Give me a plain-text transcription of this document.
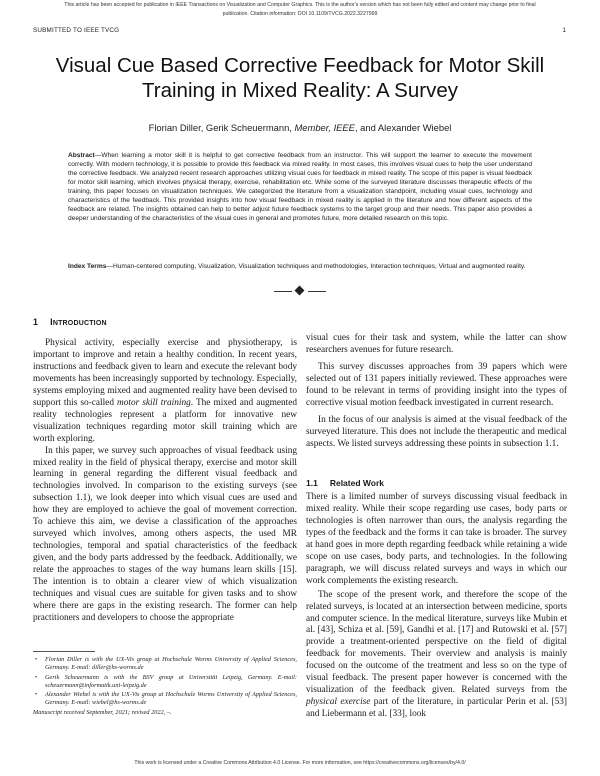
This article has been accepted for publication in IEEE Transactions on Visualization and Computer Graphics. This is the author's version which has not been fully edited and content may change prior to final publication. Citation information: DOI 10.1109/TVCG.2022.3227999
SUBMITTED TO IEEE TVCG	1
Visual Cue Based Corrective Feedback for Motor Skill Training in Mixed Reality: A Survey
Florian Diller, Gerik Scheuermann, Member, IEEE, and Alexander Wiebel
Abstract—When learning a motor skill it is helpful to get corrective feedback from an instructor. This will support the learner to execute the movement correctly. With modern technology, it is possible to provide this feedback via mixed reality. In most cases, this involves visual cues to help the user understand the corrective feedback. We analyzed recent research approaches utilizing visual cues for feedback in mixed reality. The scope of this paper is visual feedback for motor skill learning, which involves physical therapy, exercise, rehabilitation etc. While some of the surveyed literature discusses therapeutic effects of the training, this paper focuses on visualization techniques. We categorized the literature from a visualization standpoint, including visual cues, technology and characteristics of the feedback. This provided insights into how visual feedback in mixed reality is applied in the literature and how different aspects of the feedback are related. The insights obtained can help to better adjust future feedback systems to the target group and their needs. This paper also provides a deeper understanding of the characteristics of the visual cues in general and promotes future, more detailed research on this topic.
Index Terms—Human-centered computing, Visualization, Visualization techniques and methodologies, Interaction techniques, Virtual and augmented reality.
1 INTRODUCTION

Physical activity, especially exercise and physiotherapy, is important to improve and retain a healthy condition. In recent years, instructions and feedback given to learn and execute the relevant body movements has been increasingly supported by technology. Especially, systems employing mixed and augmented reality have been devised to support this so-called motor skill training. The mixed and augmented reality technologies represent a platform for innovative new visualization techniques regarding motor skill training which are worth exploring.

In this paper, we survey such approaches of visual feedback using mixed reality in the field of physical therapy, exercise and motor skill learning in general regarding the different visual feedback and technologies involved. In comparison to the existing surveys (see subsection 1.1), we look deeper into which visual cues are used and how they are employed to achieve the goal of movement correction. To achieve this aim, we devise a classification of the approaches surveyed which involves, among others aspects, the used MR technologies, temporal and spatial characteristics of the feedback given, and the body parts addressed by the feedback. Additionally, we relate the approaches to stages of the way humans learn skills [15]. The intention is to obtain a clearer view of which visualization techniques and visual cues are suitable for given tasks and to show where there are gaps in the existing research. The former can help practitioners and developers to choose the appropriate

visual cues for their task and system, while the latter can show researchers avenues for future research.

This survey discusses approaches from 39 papers which were selected out of 131 papers initially reviewed. These approaches were found to be relevant in terms of providing insight into the types of corrective visual motion feedback investigated in current research.

In the focus of our analysis is aimed at the visual feedback of the surveyed literature. This does not include the therapeutic and medical aspects. We listed surveys addressing these points in subsection 1.1.

1.1 Related Work

There is a limited number of surveys discussing visual feedback in mixed reality. While their scope regarding use cases, body parts or technologies is often narrower than ours, the analysis regarding the types of the feedback and the forms it can take is broader. The survey at hand goes in more depth regarding feedback while retaining a wide scope on use cases, body parts, and technologies. In the following paragraph, we will discuss related surveys and ways in which our work complements the existing research.

The scope of the present work, and therefore the scope of the related surveys, is located at an intersection between medicine, sports and computer science. In the medical literature, surveys like Mubin et al. [43], Schiza et al. [59], Gandhi et al. [17] and Rutowski et al. [57] provide a treatment-oriented perspective on the field of digital feedback for movements. Their overview and analysis is mainly focused on the outcome of the treatment and less so on the type of visual feedback. The present paper however is concerned with the visualization of the feedback given. Related surveys from the physical exercise part of the literature, in particular Perin et al. [53] and Liebermann et al. [33], look

• Florian Diller is with the UX-Vis group at Hochschule Worms University of Applied Sciences, Germany. E-mail: diller@hs-worms.de
• Gerik Scheuermann is with the BSV group at Universität Leipzig, Germany. E-mail: scheuermann@informatik.uni-leipzig.de
• Alexander Wiebel is with the UX-Vis group at Hochschule Worms University of Applied Sciences, Germany. E-mail: wiebel@hs-worms.de
Manuscript received September, 2021; revised 2022, –.
This work is licensed under a Creative Commons Attribution 4.0 License. For more information, see https://creativecommons.org/licenses/by/4.0/
